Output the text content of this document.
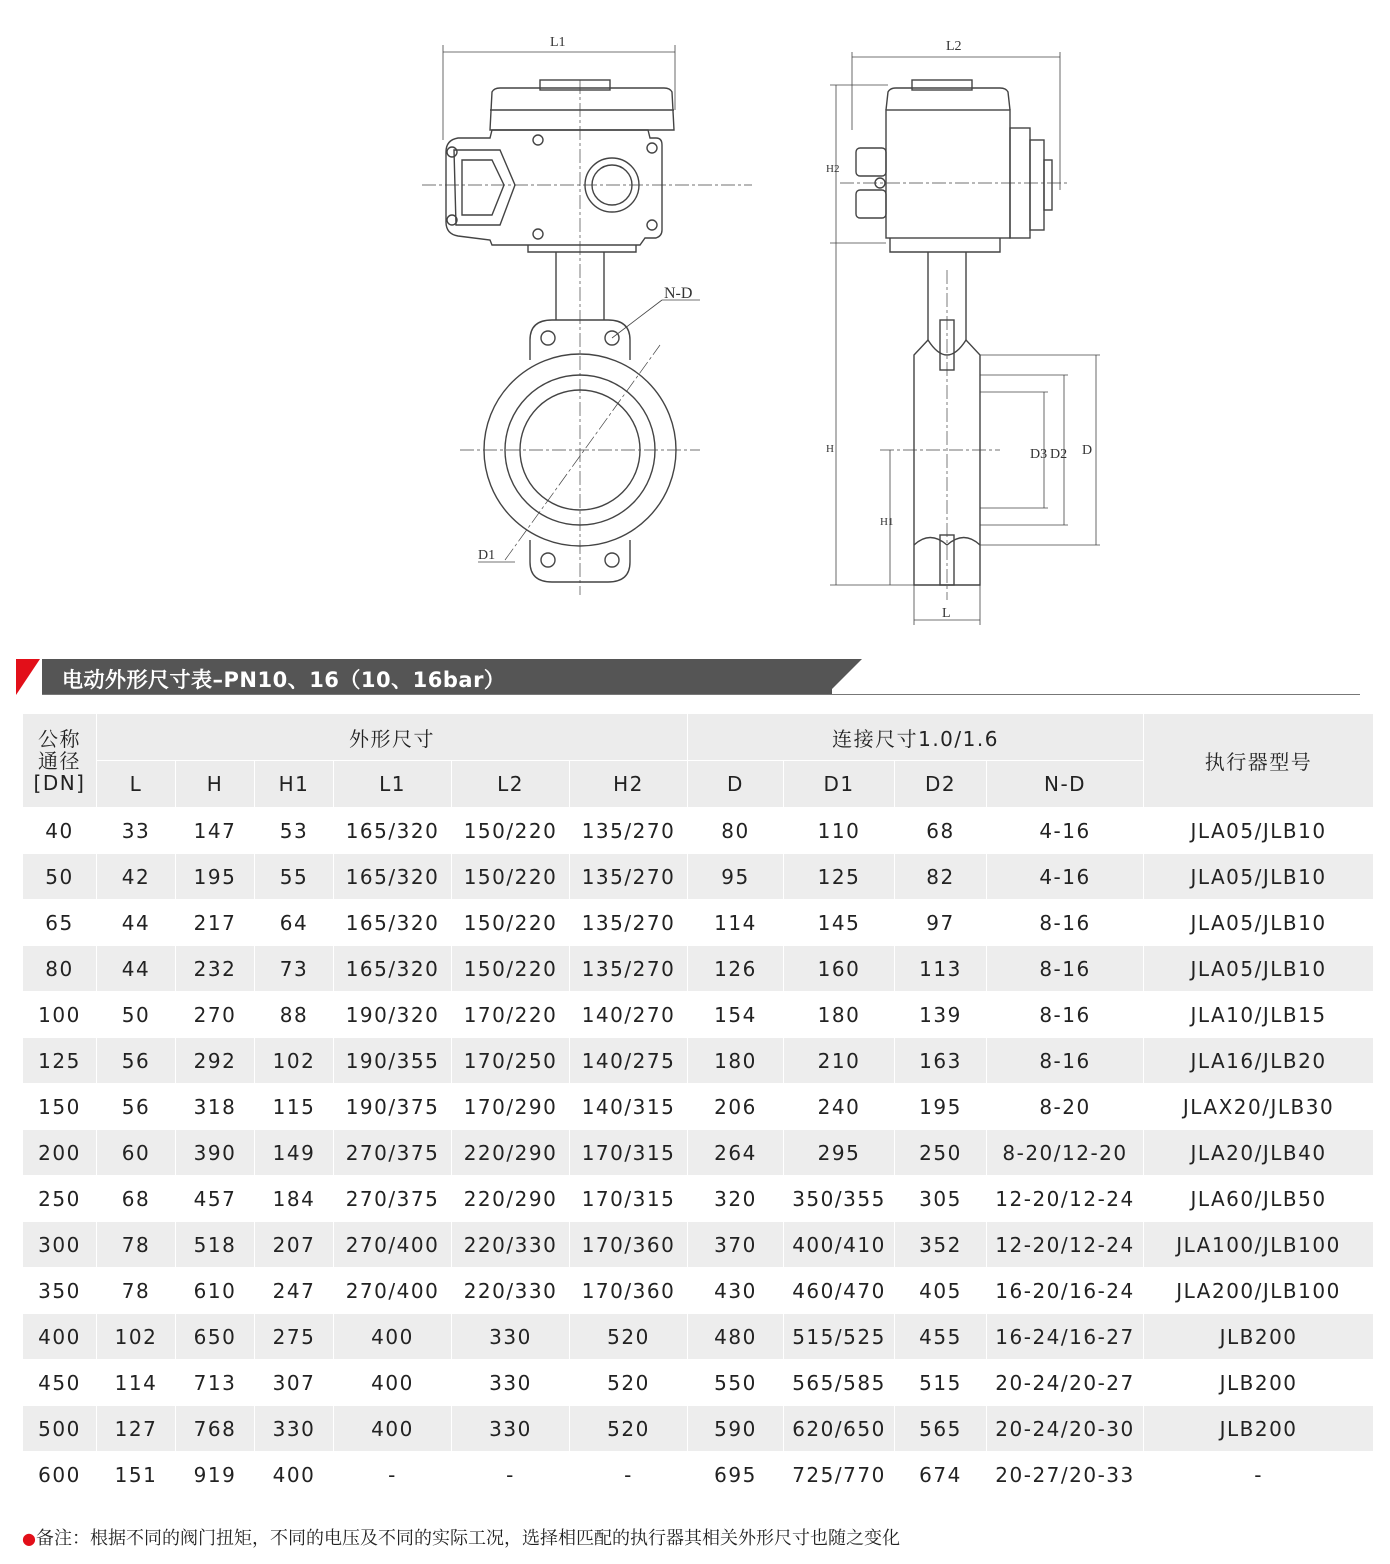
L1
N-D
D1
L2
H2
H
H1
D3 D2 D
L
电动外形尺寸表–PN10、16（10、16bar）
公称
通径
[DN]	外形尺寸						连接尺寸1.0/1.6				执行器型号
	L	H	H1	L1	L2	H2	D	D1	D2	N-D	
40	33	147	53	165/320	150/220	135/270	80	110	68	4-16	JLA05/JLB10
50	42	195	55	165/320	150/220	135/270	95	125	82	4-16	JLA05/JLB10
65	44	217	64	165/320	150/220	135/270	114	145	97	8-16	JLA05/JLB10
80	44	232	73	165/320	150/220	135/270	126	160	113	8-16	JLA05/JLB10
100	50	270	88	190/320	170/220	140/270	154	180	139	8-16	JLA10/JLB15
125	56	292	102	190/355	170/250	140/275	180	210	163	8-16	JLA16/JLB20
150	56	318	115	190/375	170/290	140/315	206	240	195	8-20	JLAX20/JLB30
200	60	390	149	270/375	220/290	170/315	264	295	250	8-20/12-20	JLA20/JLB40
250	68	457	184	270/375	220/290	170/315	320	350/355	305	12-20/12-24	JLA60/JLB50
300	78	518	207	270/400	220/330	170/360	370	400/410	352	12-20/12-24	JLA100/JLB100
350	78	610	247	270/400	220/330	170/360	430	460/470	405	16-20/16-24	JLA200/JLB100
400	102	650	275	400	330	520	480	515/525	455	16-24/16-27	JLB200
450	114	713	307	400	330	520	550	565/585	515	20-24/20-27	JLB200
500	127	768	330	400	330	520	590	620/650	565	20-24/20-30	JLB200
600	151	919	400	-	-	-	695	725/770	674	20-27/20-33	-
●备注：根据不同的阀门扭矩，不同的电压及不同的实际工况，选择相匹配的执行器其相关外形尺寸也随之变化
